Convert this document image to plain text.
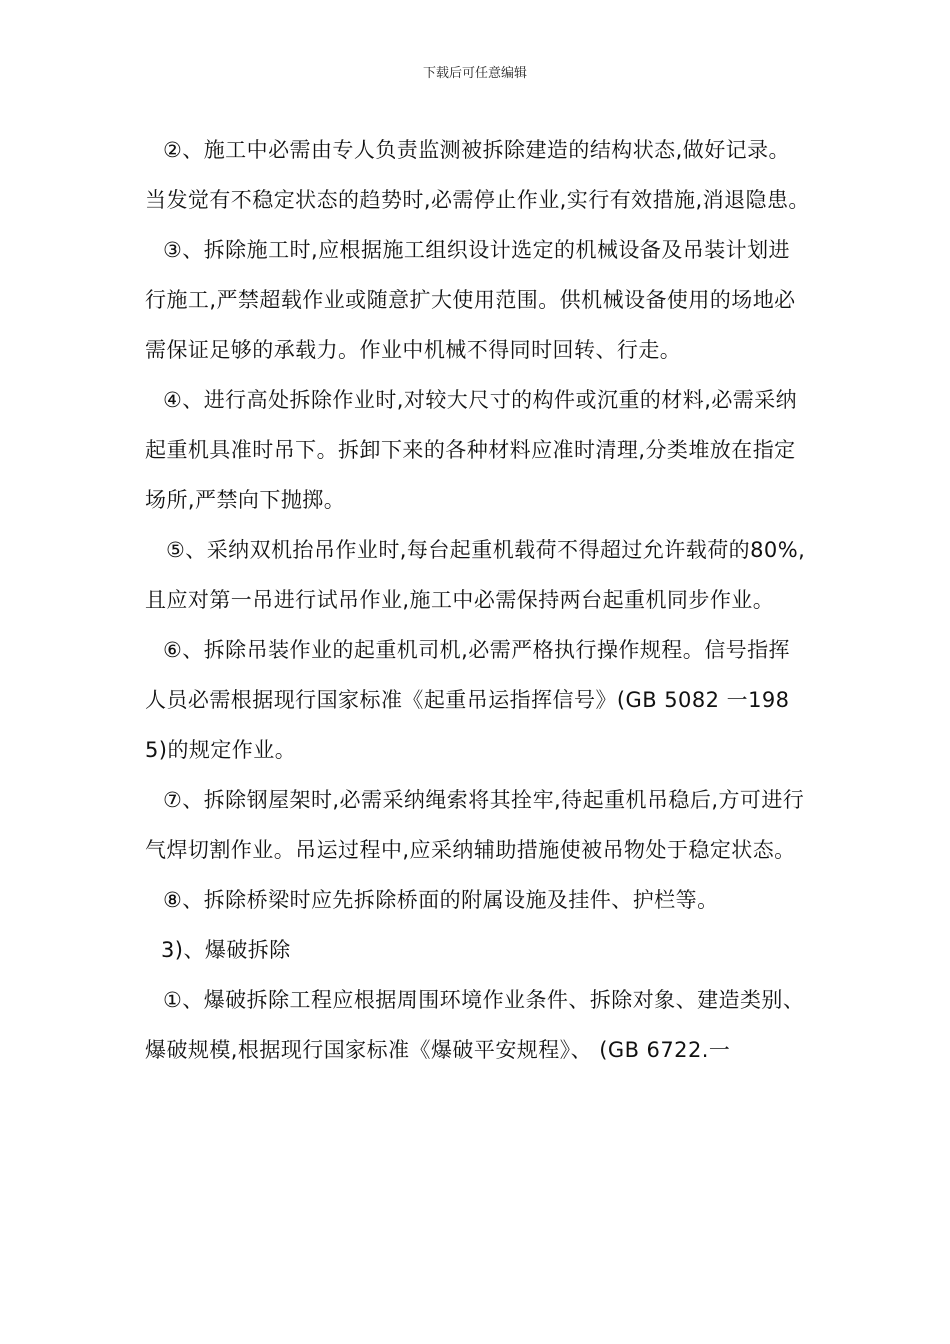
下载后可任意编辑

②、施工中必需由专人负责监测被拆除建造的结构状态,做好记录。当发觉有不稳定状态的趋势时,必需停止作业,实行有效措施,消退隐患。

③、拆除施工时,应根据施工组织设计选定的机械设备及吊装计划进行施工,严禁超载作业或随意扩大使用范围。供机械设备使用的场地必需保证足够的承载力。作业中机械不得同时回转、行走。

④、进行高处拆除作业时,对较大尺寸的构件或沉重的材料,必需采纳起重机具准时吊下。拆卸下来的各种材料应准时清理,分类堆放在指定场所,严禁向下抛掷。

⑤、采纳双机抬吊作业时,每台起重机载荷不得超过允许载荷的80%,且应对第一吊进行试吊作业,施工中必需保持两台起重机同步作业。

⑥、拆除吊装作业的起重机司机,必需严格执行操作规程。信号指挥人员必需根据现行国家标准《起重吊运指挥信号》(GB 5082 一1985)的规定作业。

⑦、拆除钢屋架时,必需采纳绳索将其拴牢,待起重机吊稳后,方可进行气焊切割作业。吊运过程中,应采纳辅助措施使被吊物处于稳定状态。

⑧、拆除桥梁时应先拆除桥面的附属设施及挂件、护栏等。

3)、爆破拆除

①、爆破拆除工程应根据周围环境作业条件、拆除对象、建造类别、爆破规模,根据现行国家标准《爆破平安规程》、 (GB 6722.一
